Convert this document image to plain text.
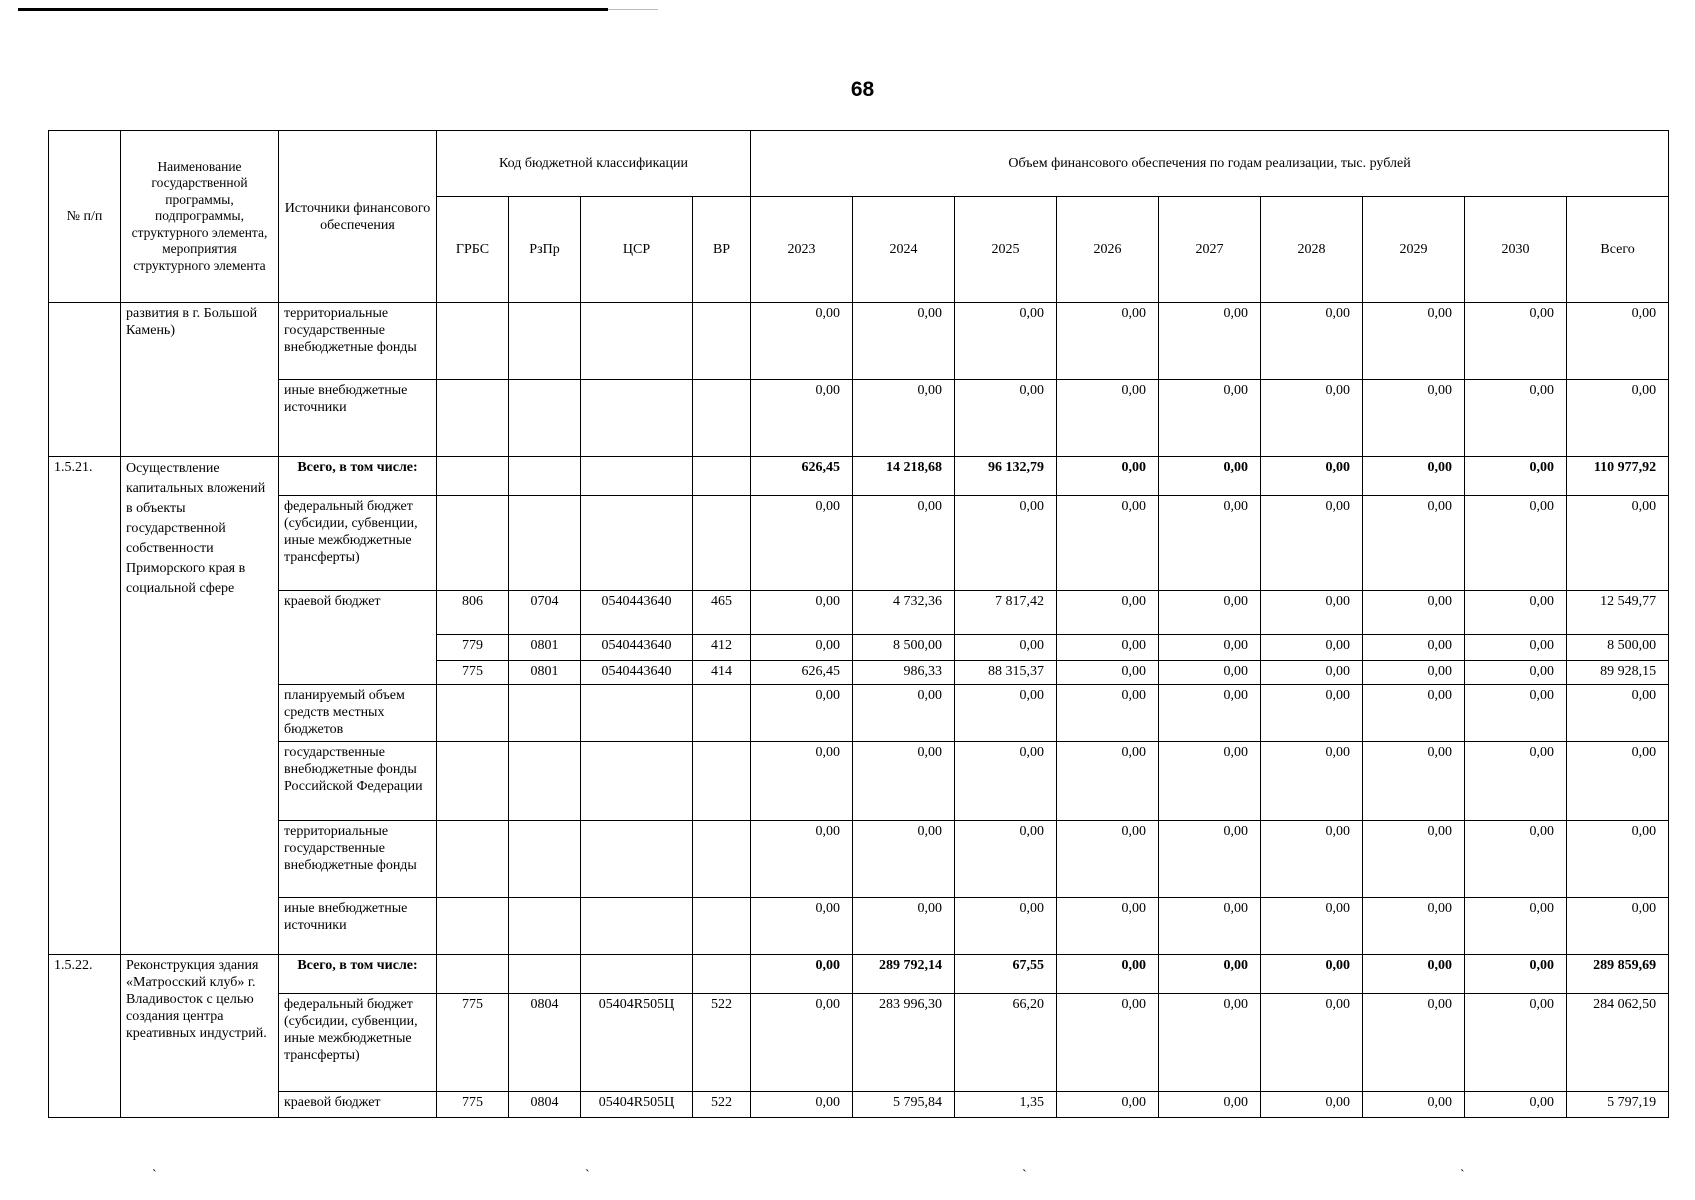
68
№ п/п	Наименование государственной программы, подпрограммы, структурного элемента, мероприятия структурного элемента	Источники финансового обеспечения	Код бюджетной классификации				Объем финансового обеспечения по годам реализации, тыс. рублей								
			ГРБС	РзПр	ЦСР	ВР	2023	2024	2025	2026	2027	2028	2029	2030	Всего
	развития в г. Большой Камень)	территориальные государственные внебюджетные фонды					0,00	0,00	0,00	0,00	0,00	0,00	0,00	0,00	0,00
		иные внебюджетные источники					0,00	0,00	0,00	0,00	0,00	0,00	0,00	0,00	0,00
1.5.21.	Осуществление капитальных вложений в объекты государственной собственности Приморского края в социальной сфере	Всего, в том числе:					626,45	14 218,68	96 132,79	0,00	0,00	0,00	0,00	0,00	110 977,92
		федеральный бюджет (субсидии, субвенции, иные межбюджетные трансферты)					0,00	0,00	0,00	0,00	0,00	0,00	0,00	0,00	0,00
		краевой бюджет	806	0704	0540443640	465	0,00	4 732,36	7 817,42	0,00	0,00	0,00	0,00	0,00	12 549,77
			779	0801	0540443640	412	0,00	8 500,00	0,00	0,00	0,00	0,00	0,00	0,00	8 500,00
			775	0801	0540443640	414	626,45	986,33	88 315,37	0,00	0,00	0,00	0,00	0,00	89 928,15
		планируемый объем средств местных бюджетов					0,00	0,00	0,00	0,00	0,00	0,00	0,00	0,00	0,00
		государственные внебюджетные фонды Российской Федерации					0,00	0,00	0,00	0,00	0,00	0,00	0,00	0,00	0,00
		территориальные государственные внебюджетные фонды					0,00	0,00	0,00	0,00	0,00	0,00	0,00	0,00	0,00
		иные внебюджетные источники					0,00	0,00	0,00	0,00	0,00	0,00	0,00	0,00	0,00
1.5.22.	Реконструкция здания «Матросский клуб» г. Владивосток с целью создания центра креативных индустрий.	Всего, в том числе:					0,00	289 792,14	67,55	0,00	0,00	0,00	0,00	0,00	289 859,69
		федеральный бюджет (субсидии, субвенции, иные межбюджетные трансферты)	775	0804	05404R505Ц	522	0,00	283 996,30	66,20	0,00	0,00	0,00	0,00	0,00	284 062,50
		краевой бюджет	775	0804	05404R505Ц	522	0,00	5 795,84	1,35	0,00	0,00	0,00	0,00	0,00	5 797,19
`	`	`	`
